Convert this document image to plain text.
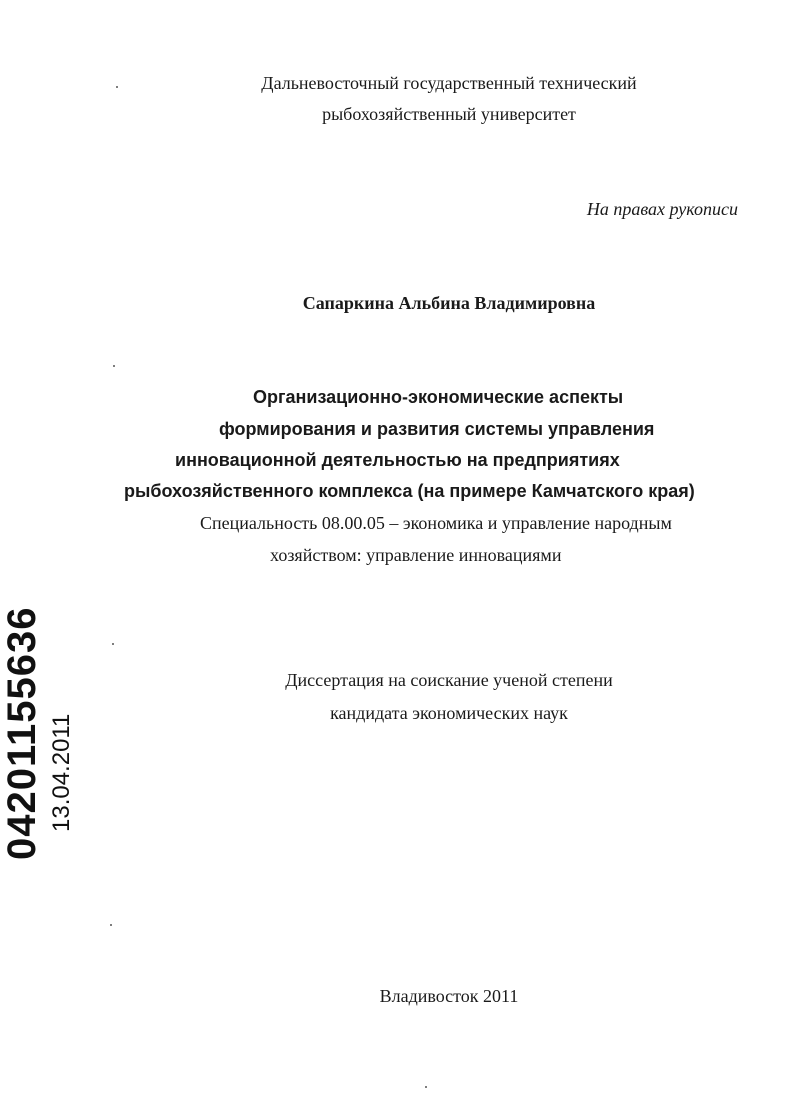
Дальневосточный государственный технический
рыбохозяйственный университет
На правах рукописи
Сапаркина Альбина Владимировна
Организационно-экономические аспекты
формирования и развития системы управления
инновационной деятельностью на предприятиях
рыбохозяйственного комплекса (на примере Камчатского края)
Специальность 08.00.05 – экономика и управление народным
хозяйством: управление инновациями
Диссертация на соискание ученой степени
кандидата экономических наук
Владивосток 2011
04201155636 13.04.2011
